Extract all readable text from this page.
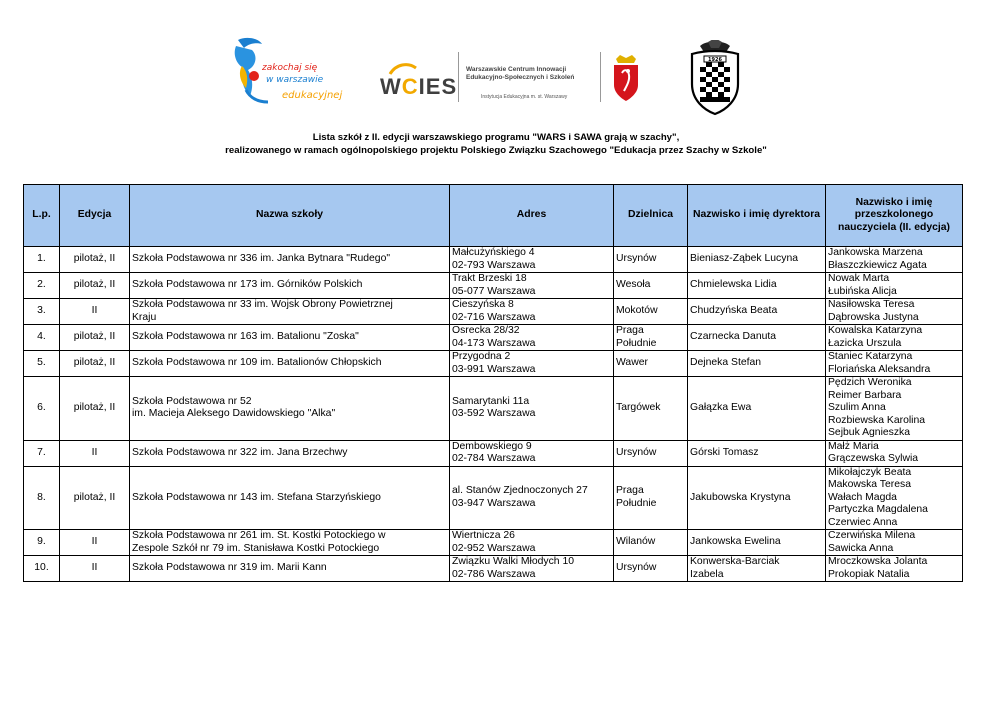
zakochaj się
w warszawie
edukacyjnej WCIES
Warszawskie Centrum Innowacji
Edukacyjno-Społecznych i Szkoleń
Instytucja Edukacyjna m. st. Warszawy
1926
Lista szkół z II. edycji warszawskiego programu "WARS i SAWA grają w szachy",
realizowanego w ramach ogólnopolskiego projektu Polskiego Związku Szachowego "Edukacja przez Szachy w Szkole"
L.p.	Edycja	Nazwa szkoły	Adres	Dzielnica	Nazwisko i imię dyrektora	Nazwisko i imię przeszkolonego nauczyciela (II. edycja)
1.	pilotaż, II	Szkoła Podstawowa nr 336 im. Janka Bytnara "Rudego"	Małcużyńskiego 4
02-793 Warszawa	Ursynów	Bieniasz-Ząbek Lucyna	Jankowska Marzena
Błaszczkiewicz Agata

2.	pilotaż, II	Szkoła Podstawowa nr 173 im. Górników Polskich	Trakt Brzeski 18
05-077 Warszawa	Wesoła	Chmielewska Lidia	Nowak Marta
Łubińska Alicja

3.	II	Szkoła Podstawowa nr 33 im. Wojsk Obrony Powietrznej
Kraju	Cieszyńska 8
02-716 Warszawa	Mokotów	Chudzyńska Beata	Nasiłowska Teresa
Dąbrowska Justyna

4.	pilotaż, II	Szkoła Podstawowa nr 163 im. Batalionu "Zoska"	Osrecka 28/32
04-173 Warszawa	Praga
Południe	Czarnecka Danuta	Kowalska Katarzyna
Łazicka Urszula

5.	pilotaż, II	Szkoła Podstawowa nr 109 im. Batalionów Chłopskich	Przygodna 2
03-991 Warszawa	Wawer	Dejneka Stefan	Staniec Katarzyna
Floriańska Aleksandra

6.	pilotaż, II	Szkoła Podstawowa nr 52
im. Macieja Aleksego Dawidowskiego "Alka"	Samarytanki 11a
03-592 Warszawa	Targówek	Gałązka Ewa	Pędzich Weronika
Reimer Barbara
Szulim Anna
Rozbiewska Karolina
Sejbuk Agnieszka

7.	II	Szkoła Podstawowa nr 322 im. Jana Brzechwy	Dembowskiego 9
02-784 Warszawa	Ursynów	Górski Tomasz	Małż Maria
Grączewska Sylwia

8.	pilotaż, II	Szkoła Podstawowa nr 143 im. Stefana Starzyńskiego	al. Stanów Zjednoczonych 27
03-947 Warszawa	Praga
Południe	Jakubowska Krystyna	Mikołajczyk Beata
Makowska Teresa
Wałach Magda
Partyczka Magdalena
Czerwiec Anna

9.	II	Szkoła Podstawowa nr 261 im. St. Kostki Potockiego w
Zespole Szkół nr 79 im. Stanisława Kostki Potockiego	Wiertnicza 26
02-952 Warszawa	Wilanów	Jankowska Ewelina	Czerwińska Milena
Sawicka Anna

10.	II	Szkoła Podstawowa nr 319 im. Marii Kann	Związku Walki Młodych 10
02-786 Warszawa	Ursynów	Konwerska-Barciak
Izabela	Mroczkowska Jolanta
Prokopiak Natalia
